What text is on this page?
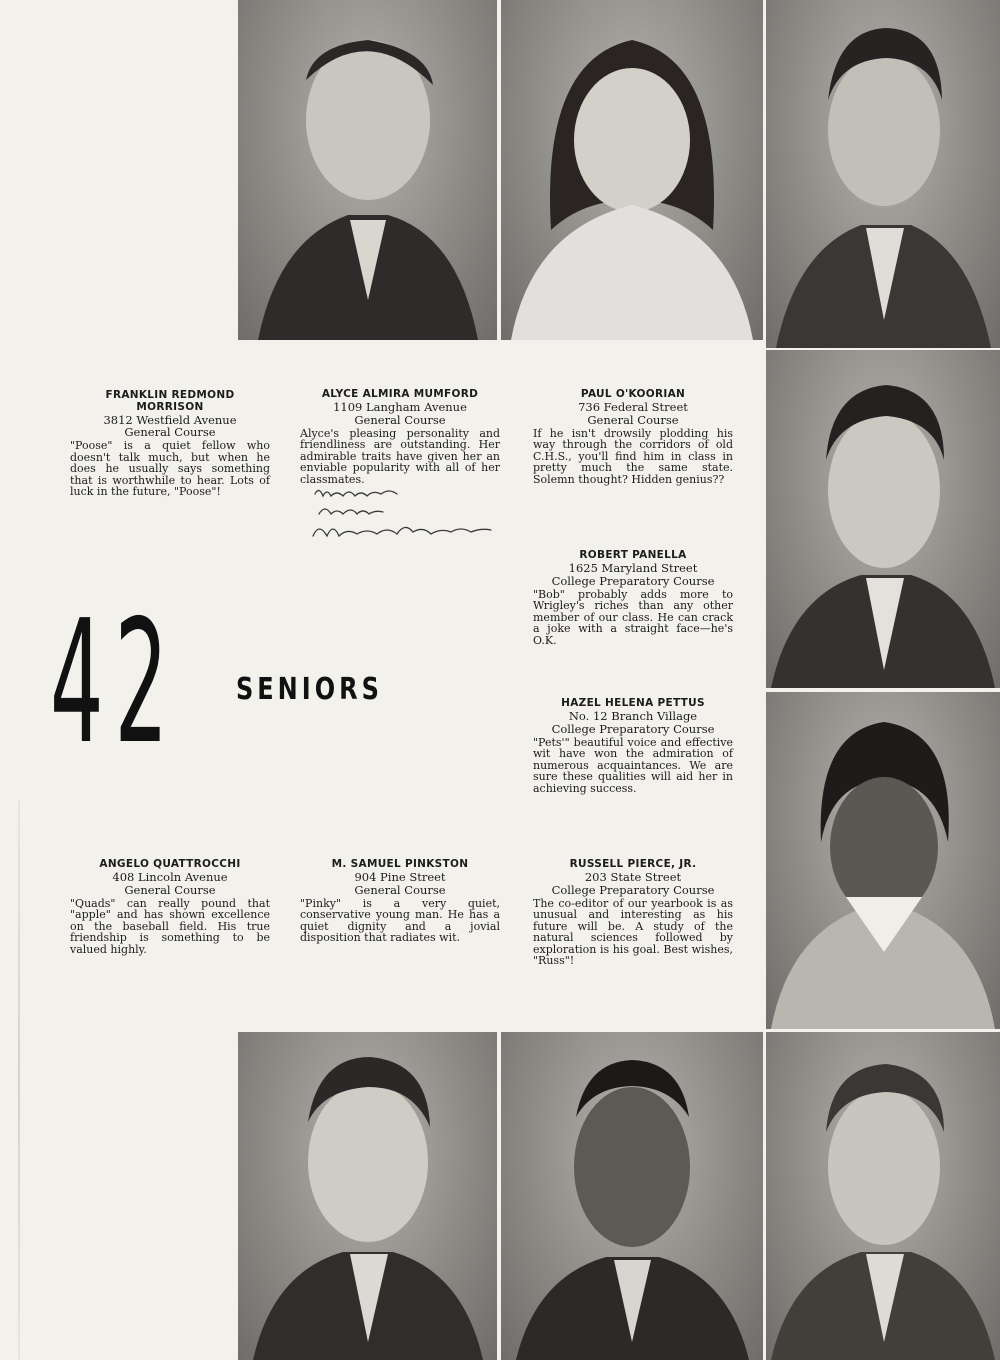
FRANKLIN REDMOND MORRISON
3812 Westfield Avenue
General Course
"Poose" is a quiet fellow who doesn't talk much, but when he does he usually says something that is worthwhile to hear. Lots of luck in the future, "Poose"!
ALYCE ALMIRA MUMFORD
1109 Langham Avenue
General Course
Alyce's pleasing personality and friendliness are outstanding. Her admirable traits have given her an enviable popularity with all of her classmates.
PAUL O'KOORIAN
736 Federal Street
General Course
If he isn't drowsily plodding his way through the corridors of old C.H.S., you'll find him in class in pretty much the same state. Solemn thought? Hidden genius??
ROBERT PANELLA
1625 Maryland Street
College Preparatory Course
"Bob" probably adds more to Wrigley's riches than any other member of our class. He can crack a joke with a straight face—he's O.K.
42 SENIORS	HAZEL HELENA PETTUS
No. 12 Branch Village
College Preparatory Course
"Pets'" beautiful voice and effective wit have won the admiration of numerous acquaintances. We are sure these qualities will aid her in achieving success.
ANGELO QUATTROCCHI
408 Lincoln Avenue
General Course
"Quads" can really pound that "apple" and has shown excellence on the baseball field. His true friendship is something to be valued highly.
M. SAMUEL PINKSTON
904 Pine Street
General Course
"Pinky" is a very quiet, conservative young man. He has a quiet dignity and a jovial disposition that radiates wit.
RUSSELL PIERCE, JR.
203 State Street
College Preparatory Course
The co-editor of our yearbook is as unusual and interesting as his future will be. A study of the natural sciences followed by exploration is his goal. Best wishes, "Russ"!
